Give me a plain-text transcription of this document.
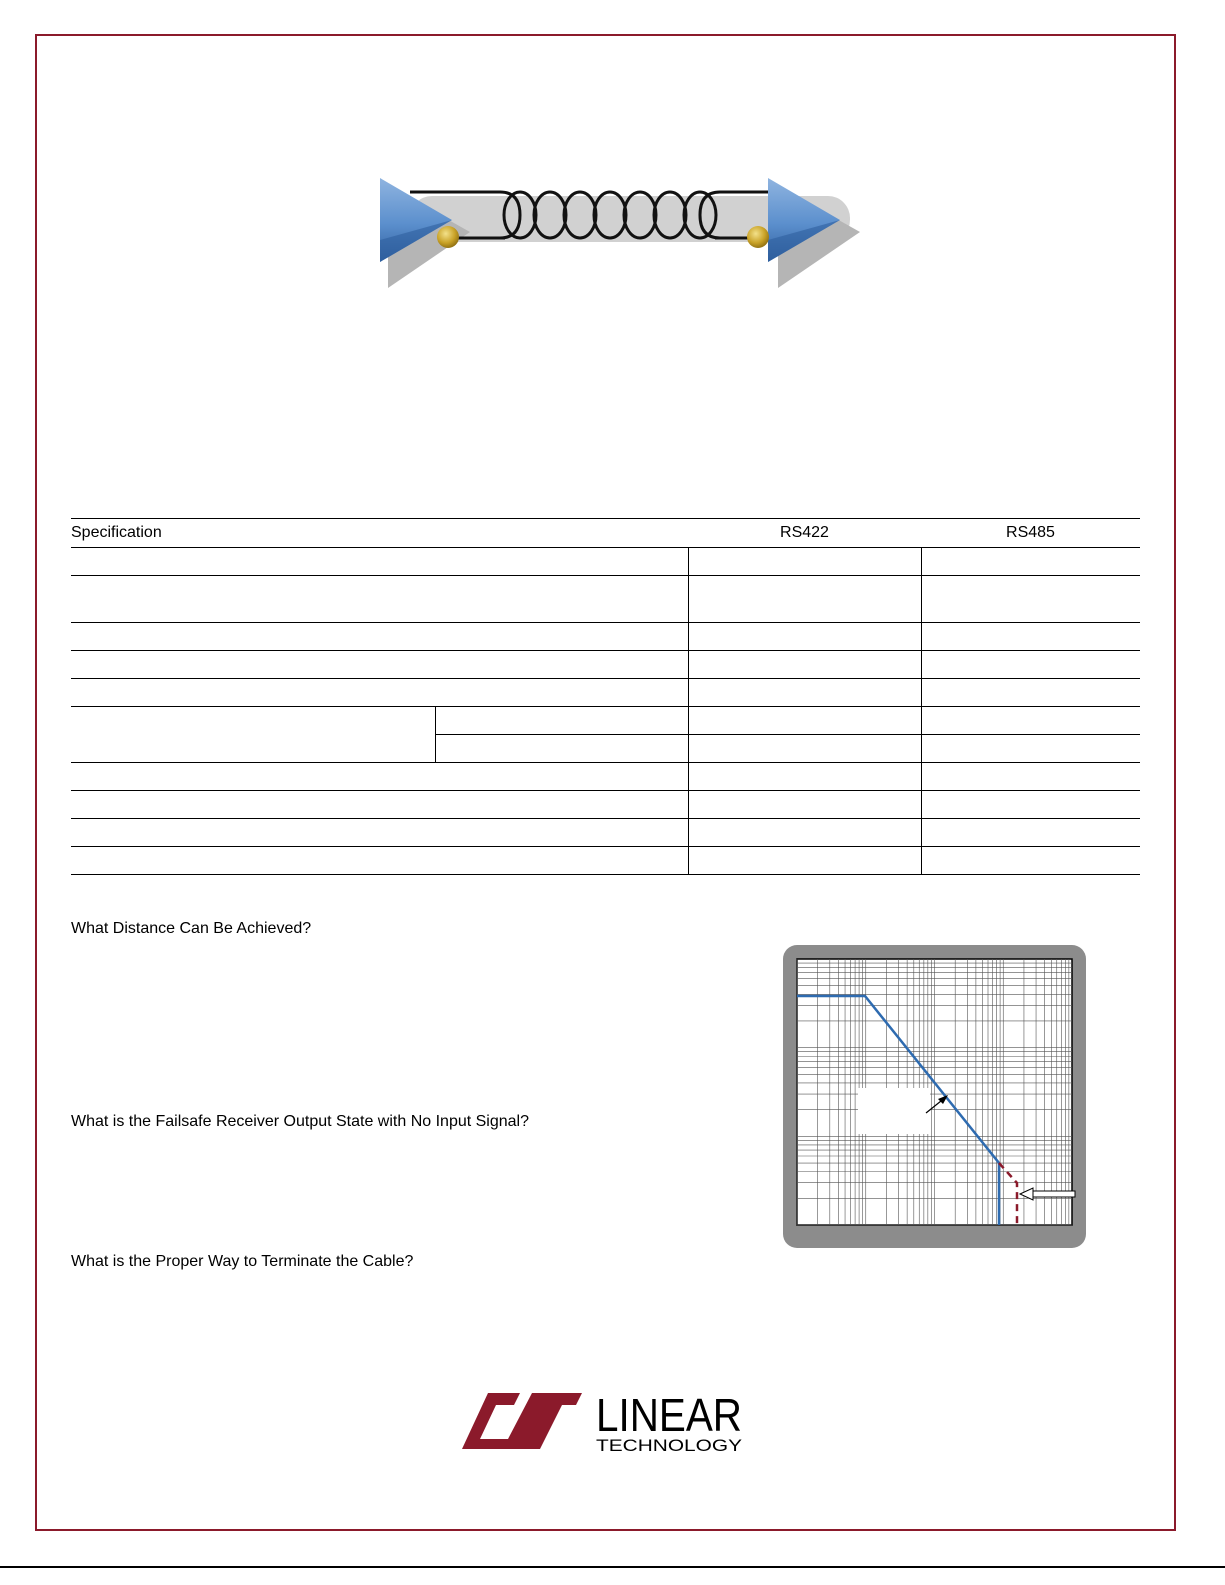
Specification		RS422	RS485

What Distance Can Be Achieved?
What is the Failsafe Receiver Output State with No Input Signal?
What is the Proper Way to Terminate the Cable?
LINEAR
TECHNOLOGY
